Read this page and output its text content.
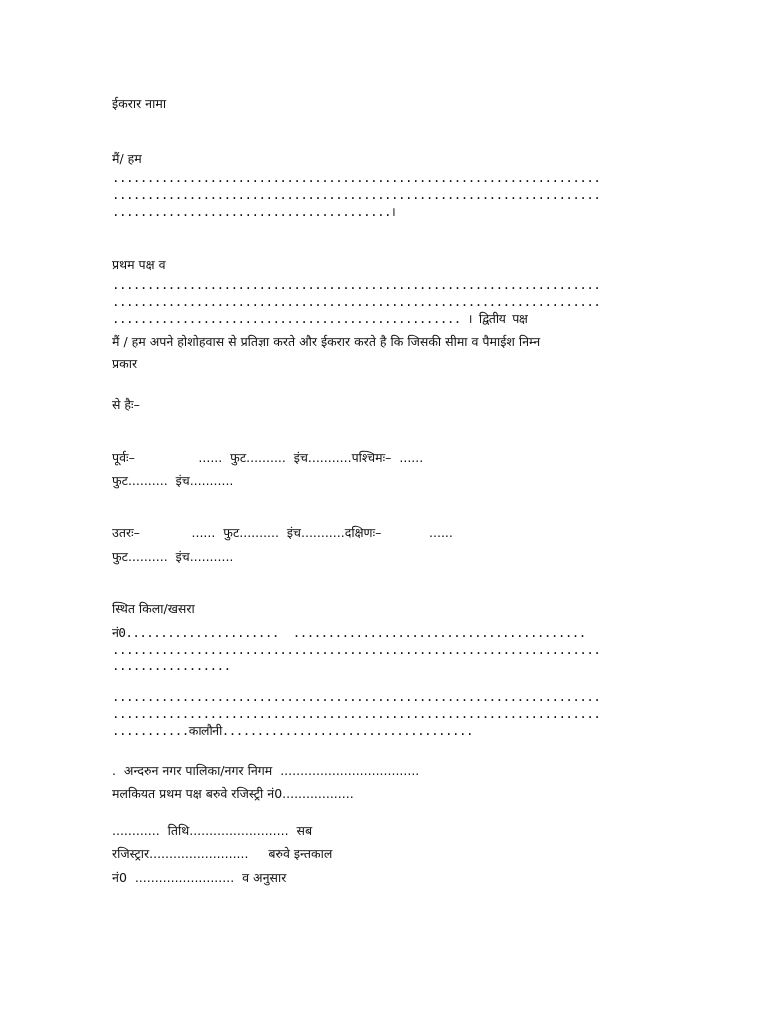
ईकरार नामा
मैं/ हम
......................................................................
......................................................................
........................................।
प्रथम पक्ष व
......................................................................
......................................................................
.................................................. । द्वितीय पक्ष
मैं / हम अपने होशोहवास से प्रतिज्ञा करते और ईकरार करते है कि जिसकी सीमा व पैमाईश निम्न
प्रकार
से हैः–
पूर्वः–                ......  फुट..........  इंच...........पश्चिमः–  ......
फुट..........  इंच...........
उतरः–             ......  फुट..........  इंच...........दक्षिणः–            ......
फुट..........  इंच...........
स्थित किला/खसरा
नं0......................  ..........................................
......................................................................
.................
......................................................................
......................................................................
...........कालौनी....................................
.  अन्दरुन नगर पालिका/नगर निगम  ...................................
मलकियत प्रथम पक्ष बरुवे रजिस्ट्री नं0..................
............  तिथि.........................  सब
रजिस्ट्रार.........................     बरुवे इन्तकाल
नं0  .........................  व अनुसार
